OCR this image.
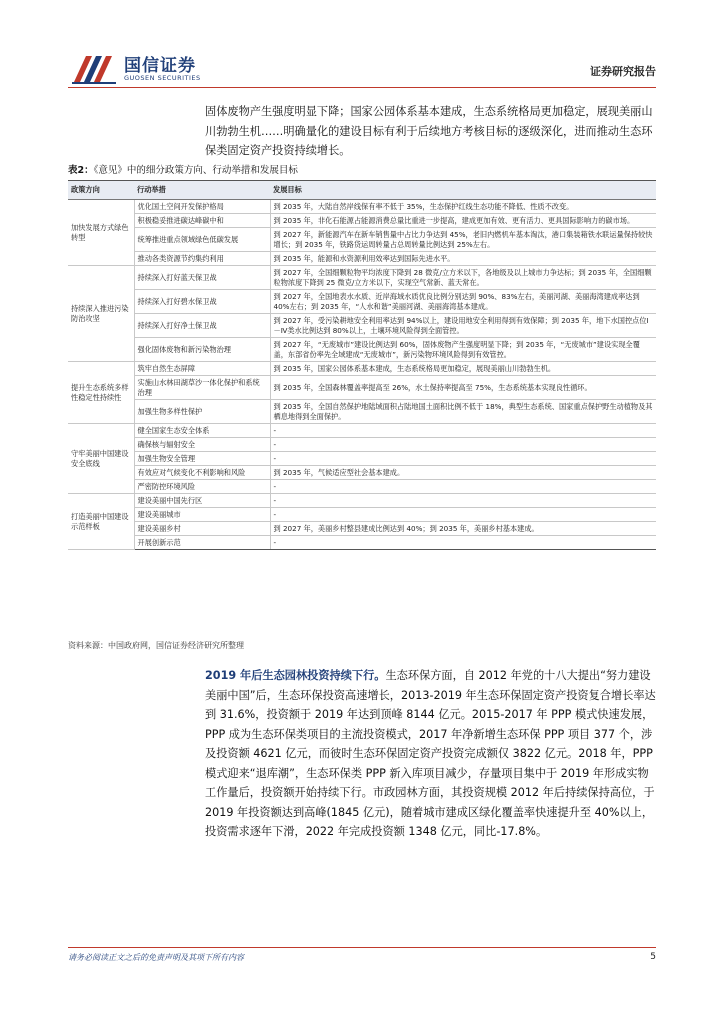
国信证券
GUOSEN SECURITIES	证券研究报告
固体废物产生强度明显下降；国家公园体系基本建成，生态系统格局更加稳定，展现美丽山川勃勃生机……明确量化的建设目标有利于后续地方考核目标的逐级深化，进而推动生态环保类固定资产投资持续增长。
表2：《意见》中的细分政策方向、行动举措和发展目标
政策方向	行动举措	发展目标
加快发展方式绿色转型	优化国土空间开发保护格局	到 2035 年，大陆自然岸线保有率不低于 35%，生态保护红线生态功能不降低、性质不改变。
	积极稳妥推进碳达峰碳中和	到 2035 年，非化石能源占能源消费总量比重进一步提高，建成更加有效、更有活力、更具国际影响力的碳市场。
	统筹推进重点领域绿色低碳发展	到 2027 年，新能源汽车在新车销售量中占比力争达到 45%，老旧内燃机车基本淘汰，港口集装箱铁水联运量保持较快增长；到 2035 年，铁路货运周转量占总周转量比例达到 25%左右。
	推动各类资源节约集约利用	到 2035 年，能源和水资源利用效率达到国际先进水平。
持续深入推进污染防治攻坚	持续深入打好蓝天保卫战	到 2027 年，全国细颗粒物平均浓度下降到 28 微克/立方米以下，各地级及以上城市力争达标；到 2035 年，全国细颗粒物浓度下降到 25 微克/立方米以下，实现空气常新、蓝天常在。
	持续深入打好碧水保卫战	到 2027 年，全国地表水水质、近岸海域水质优良比例分别达到 90%、83%左右，美丽河湖、美丽海湾建成率达到 40%左右；到 2035 年，“人水和谐”美丽河湖、美丽海湾基本建成。
	持续深入打好净土保卫战	到 2027 年，受污染耕地安全利用率达到 94%以上，建设用地安全利用得到有效保障；到 2035 年，地下水国控点位Ⅰ－Ⅳ类水比例达到 80%以上，土壤环境风险得到全面管控。
	强化固体废物和新污染物治理	到 2027 年，“无废城市”建设比例达到 60%，固体废物产生强度明显下降；到 2035 年，“无废城市”建设实现全覆盖，东部省份率先全域建成“无废城市”，新污染物环境风险得到有效管控。
提升生态系统多样性稳定性持续性	筑牢自然生态屏障	到 2035 年，国家公园体系基本建成，生态系统格局更加稳定，展现美丽山川勃勃生机。
	实施山水林田湖草沙一体化保护和系统治理	到 2035 年，全国森林覆盖率提高至 26%，水土保持率提高至 75%，生态系统基本实现良性循环。
	加强生物多样性保护	到 2035 年，全国自然保护地陆域面积占陆地国土面积比例不低于 18%，典型生态系统、国家重点保护野生动植物及其栖息地得到全面保护。
守牢美丽中国建设安全底线	健全国家生态安全体系	-
	确保核与辐射安全	-
	加强生物安全管理	-
	有效应对气候变化不利影响和风险	到 2035 年，气候适应型社会基本建成。
	严密防控环境风险	-
打造美丽中国建设示范样板	建设美丽中国先行区	-
	建设美丽城市	-
	建设美丽乡村	到 2027 年，美丽乡村整县建成比例达到 40%；到 2035 年，美丽乡村基本建成。
	开展创新示范	-
资料来源：中国政府网，国信证券经济研究所整理
2019 年后生态园林投资持续下行。生态环保方面，自 2012 年党的十八大提出“努力建设美丽中国”后，生态环保投资高速增长，2013-2019 年生态环保固定资产投资复合增长率达到 31.6%，投资额于 2019 年达到顶峰 8144 亿元。2015-2017 年 PPP 模式快速发展，PPP 成为生态环保类项目的主流投资模式，2017 年净新增生态环保 PPP 项目 377 个，涉及投资额 4621 亿元，而彼时生态环保固定资产投资完成额仅 3822 亿元。2018 年，PPP 模式迎来“退库潮”，生态环保类 PPP 新入库项目减少，存量项目集中于 2019 年形成实物工作量后，投资额开始持续下行。市政园林方面，其投资规模 2012 年后持续保持高位，于 2019 年投资额达到高峰(1845 亿元)，随着城市建成区绿化覆盖率快速提升至 40%以上，投资需求逐年下滑，2022 年完成投资额 1348 亿元，同比-17.8%。
请务必阅读正文之后的免责声明及其项下所有内容	5
